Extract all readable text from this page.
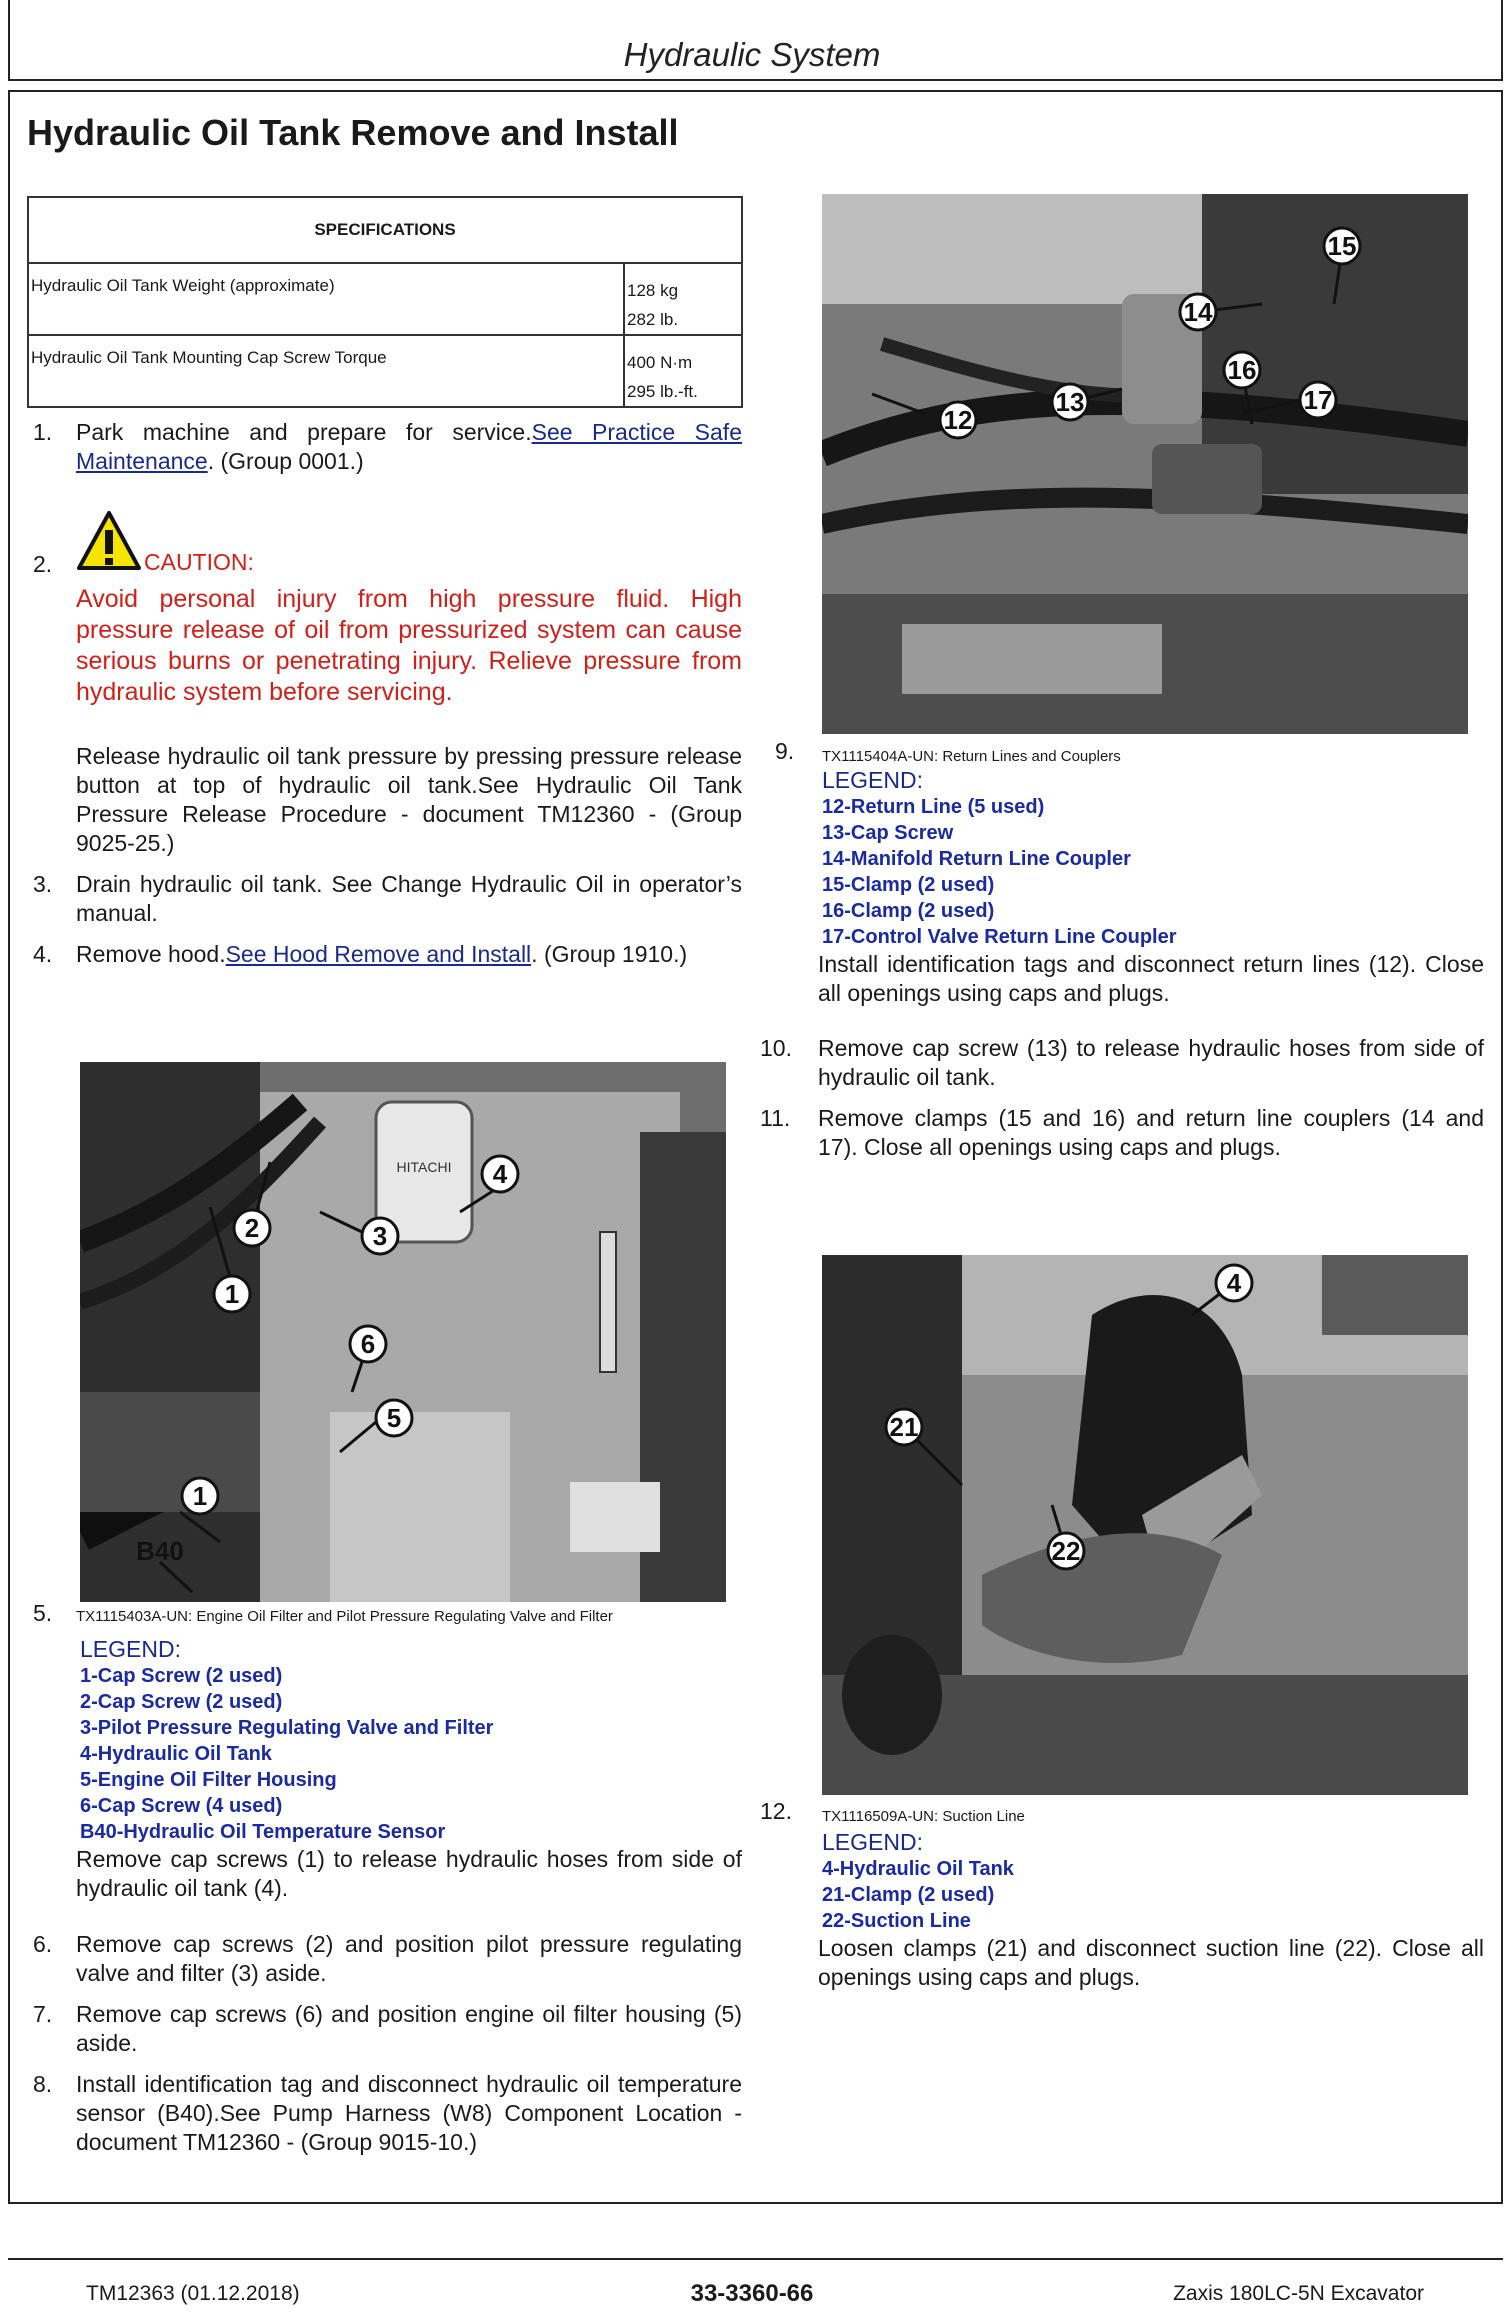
Hydraulic System
Hydraulic Oil Tank Remove and Install
SPECIFICATIONS	
Hydraulic Oil Tank Weight (approximate)	128 kg
282 lb.

Hydraulic Oil Tank Mounting Cap Screw Torque	400 N·m
295 lb.-ft.
1. Park machine and prepare for service.See Practice Safe Maintenance. (Group 0001.)
2.	CAUTION:
Avoid personal injury from high pressure fluid. High pressure release of oil from pressurized system can cause serious burns or penetrating injury. Relieve pressure from hydraulic system before servicing.
Release hydraulic oil tank pressure by pressing pressure release button at top of hydraulic oil tank.See Hydraulic Oil Tank Pressure Release Procedure - document TM12360 - (Group 9025-25.)
3. Drain hydraulic oil tank. See Change Hydraulic Oil in operator’s manual.
4. Remove hood.See Hood Remove and Install. (Group 1910.)
HITACHI
1
2	3
4
6
5
1
B40
5. TX1115403A-UN: Engine Oil Filter and Pilot Pressure Regulating Valve and Filter
LEGEND:
1-Cap Screw (2 used)
2-Cap Screw (2 used)
3-Pilot Pressure Regulating Valve and Filter
4-Hydraulic Oil Tank
5-Engine Oil Filter Housing
6-Cap Screw (4 used)
B40-Hydraulic Oil Temperature Sensor
Remove cap screws (1) to release hydraulic hoses from side of hydraulic oil tank (4).
6. Remove cap screws (2) and position pilot pressure regulating valve and filter (3) aside.
7. Remove cap screws (6) and position engine oil filter housing (5) aside.
8. Install identification tag and disconnect hydraulic oil temperature sensor (B40).See Pump Harness (W8) Component Location - document TM12360 - (Group 9015-10.)
15
14
16
13
12
17
9. TX1115404A-UN: Return Lines and Couplers
LEGEND:
12-Return Line (5 used)
13-Cap Screw
14-Manifold Return Line Coupler
15-Clamp (2 used)
16-Clamp (2 used)
17-Control Valve Return Line Coupler
Install identification tags and disconnect return lines (12). Close all openings using caps and plugs.
10. Remove cap screw (13) to release hydraulic hoses from side of hydraulic oil tank.
11. Remove clamps (15 and 16) and return line couplers (14 and 17). Close all openings using caps and plugs.
4
21
22
12. TX1116509A-UN: Suction Line
LEGEND:
4-Hydraulic Oil Tank
21-Clamp (2 used)
22-Suction Line
Loosen clamps (21) and disconnect suction line (22). Close all openings using caps and plugs.
TM12363 (01.12.2018)	33-3360-66	Zaxis 180LC-5N Excavator
